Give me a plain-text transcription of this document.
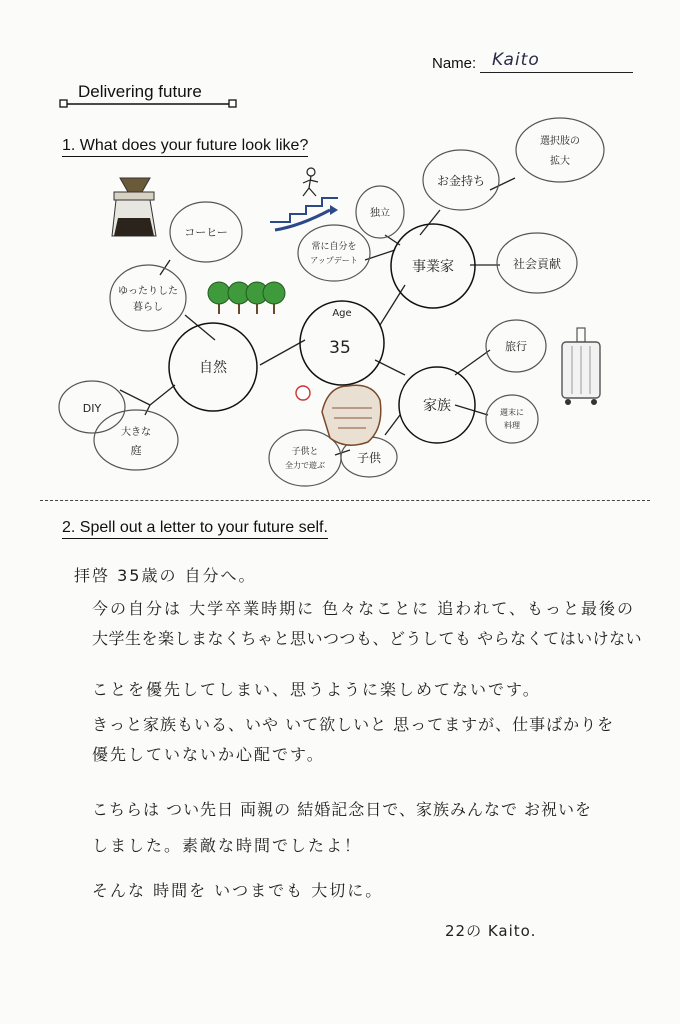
Name: Kaito
Delivering future
1. What does your future look like?
Age
35
自然
事業家
家族
ゆったりした
暮らし
コーヒー
DIY
大きな
庭
独立
常に自分を
アップデート
お金持ち
選択肢の
拡大
社会貢献
旅行
週末に
料理
子供
子供と
全力で遊ぶ
2. Spell out a letter to your future self.
拝啓 35歳の 自分へ。
今の自分は 大学卒業時期に 色々なことに 追われて、もっと最後の
大学生を楽しまなくちゃと思いつつも、どうしても やらなくてはいけない
ことを優先してしまい、思うように楽しめてないです。
きっと家族もいる、いや いて欲しいと 思ってますが、仕事ばかりを
優先していないか心配です。
こちらは つい先日 両親の 結婚記念日で、家族みんなで お祝いを
しました。素敵な時間でしたよ！
そんな 時間を いつまでも 大切に。
22の Kaito.
